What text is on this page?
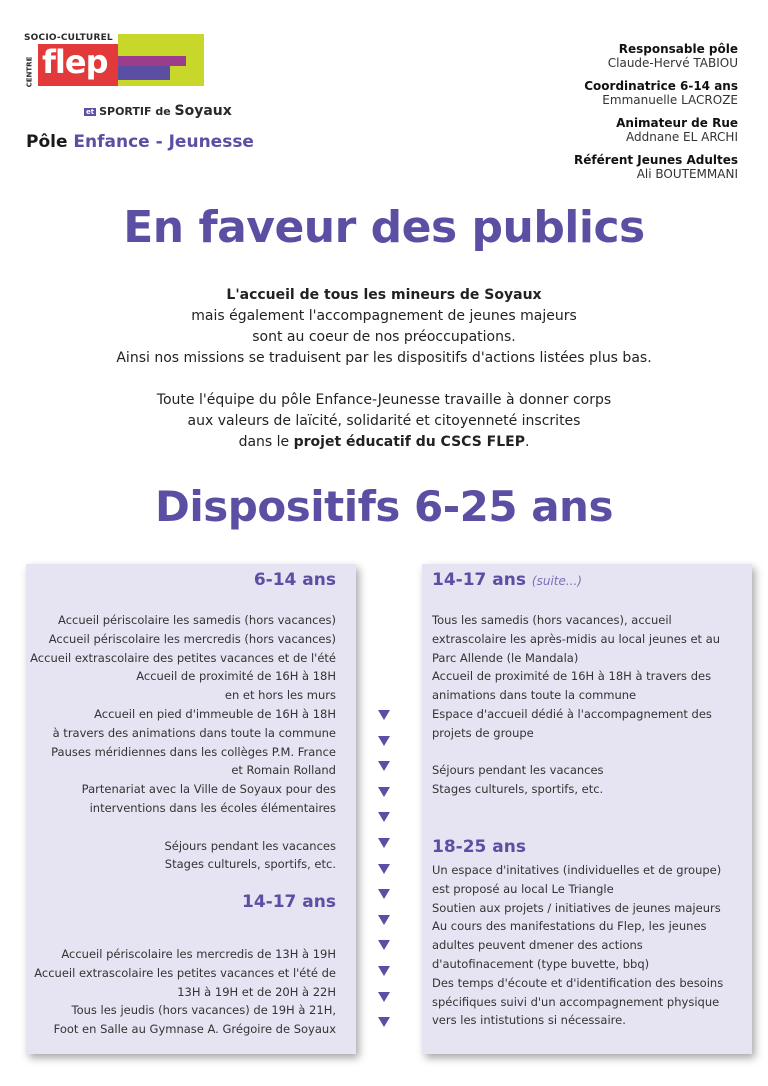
SOCIO-CULTUREL
CENTRE flep
et SPORTIF de Soyaux
Pôle Enfance - Jeunesse
Responsable pôle
Claude-Hervé TABIOU
Coordinatrice 6-14 ans
Emmanuelle LACROZE
Animateur de Rue
Addnane EL ARCHI
Référent Jeunes Adultes
Ali BOUTEMMANI
En faveur des publics

L'accueil de tous les mineurs de Soyaux

mais également l'accompagnement de jeunes majeurs

sont au coeur de nos préoccupations.

Ainsi nos missions se traduisent par les dispositifs d'actions listées plus bas.

Toute l'équipe du pôle Enfance-Jeunesse travaille à donner corps

aux valeurs de laïcité, solidarité et citoyenneté inscrites

dans le projet éducatif du CSCS FLEP.

Dispositifs 6-25 ans
6-14 ans
Accueil périscolaire les samedis (hors vacances)
Accueil périscolaire les mercredis (hors vacances)
Accueil extrascolaire des petites vacances et de l'été
Accueil de proximité de 16H à 18H
en et hors les murs
Accueil en pied d'immeuble de 16H à 18H
à travers des animations dans toute la commune
Pauses méridiennes dans les collèges P.M. France
et Romain Rolland
Partenariat avec la Ville de Soyaux pour des
interventions dans les écoles élémentaires
Séjours pendant les vacances
Stages culturels, sportifs, etc.
14-17 ans
Accueil périscolaire les mercredis de 13H à 19H
Accueil extrascolaire les petites vacances et l'été de
13H à 19H et de 20H à 22H
Tous les jeudis (hors vacances) de 19H à 21H,
Foot en Salle au Gymnase A. Grégoire de Soyaux
14-17 ans (suite...)
Tous les samedis (hors vacances), accueil
extrascolaire les après-midis au local jeunes et au
Parc Allende (le Mandala)
Accueil de proximité de 16H à 18H à travers des
animations dans toute la commune
Espace d'accueil dédié à l'accompagnement des
projets de groupe
Séjours pendant les vacances
Stages culturels, sportifs, etc.
18-25 ans
Un espace d'initatives (individuelles et de groupe)
est proposé au local Le Triangle
Soutien aux projets / initiatives de jeunes majeurs
Au cours des manifestations du Flep, les jeunes
adultes peuvent dmener des actions
d'autofinacement (type buvette, bbq)
Des temps d'écoute et d'identification des besoins
spécifiques suivi d'un accompagnement physique
vers les intistutions si nécessaire.
